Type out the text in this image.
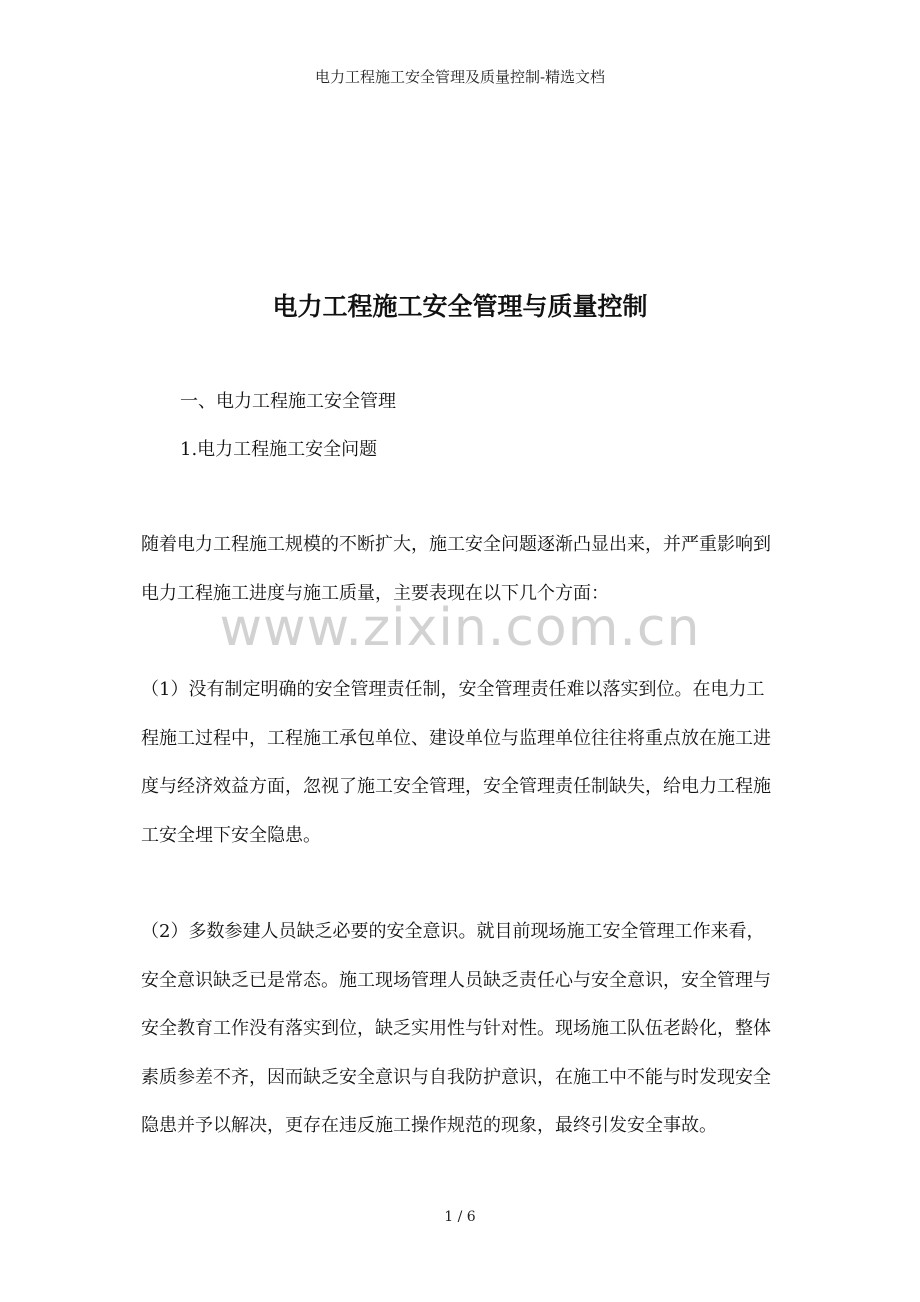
电力工程施工安全管理及质量控制-精选文档
电力工程施工安全管理与质量控制
一、电力工程施工安全管理
1.电力工程施工安全问题

随着电力工程施工规模的不断扩大，施工安全问题逐渐凸显出来，并严重影响到电力工程施工进度与施工质量，主要表现在以下几个方面：

www.zixin.com.cn

（1）没有制定明确的安全管理责任制，安全管理责任难以落实到位。在电力工程施工过程中，工程施工承包单位、建设单位与监理单位往往将重点放在施工进度与经济效益方面，忽视了施工安全管理，安全管理责任制缺失，给电力工程施工安全埋下安全隐患。

（2）多数参建人员缺乏必要的安全意识。就目前现场施工安全管理工作来看，安全意识缺乏已是常态。施工现场管理人员缺乏责任心与安全意识，安全管理与安全教育工作没有落实到位，缺乏实用性与针对性。现场施工队伍老龄化，整体素质参差不齐，因而缺乏安全意识与自我防护意识，在施工中不能与时发现安全隐患并予以解决，更存在违反施工操作规范的现象，最终引发安全事故。

1 / 6
